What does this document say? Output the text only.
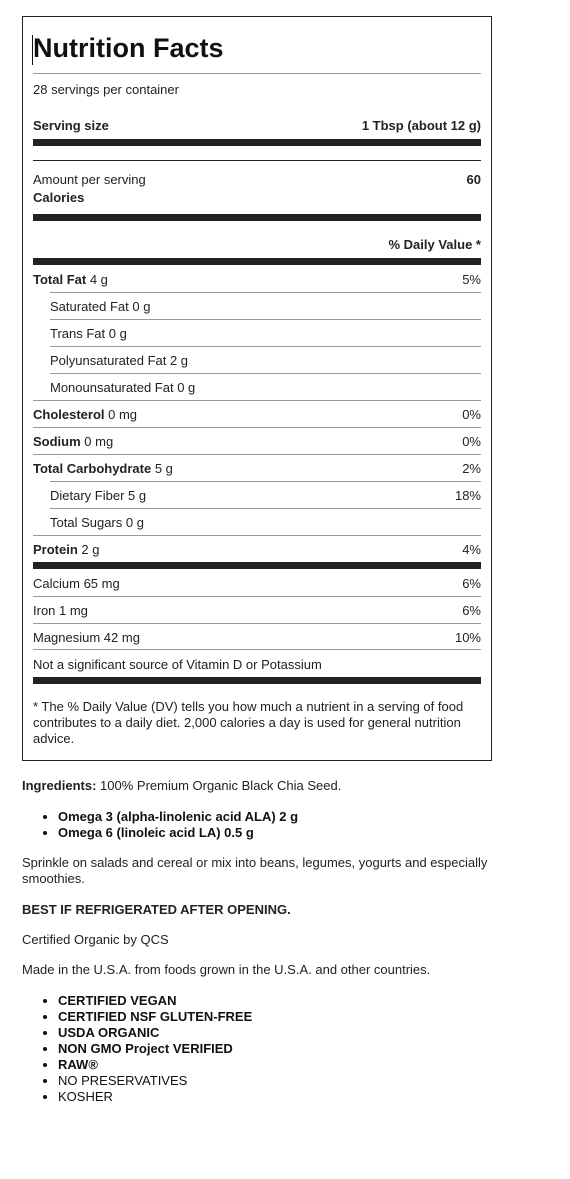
Nutrition Facts
28 servings per container
Serving size	1 Tbsp (about 12 g)
Amount per serving	60
Calories
% Daily Value *
Total Fat 4 g	5%
Saturated Fat 0 g
Trans Fat 0 g
Polyunsaturated Fat 2 g
Monounsaturated Fat 0 g
Cholesterol 0 mg	0%
Sodium 0 mg	0%
Total Carbohydrate 5 g	2%
Dietary Fiber 5 g	18%
Total Sugars 0 g
Protein 2 g	4%
Calcium 65 mg	6%
Iron 1 mg	6%
Magnesium 42 mg	10%
Not a significant source of Vitamin D or Potassium
* The % Daily Value (DV) tells you how much a nutrient in a serving of food contributes to a daily diet. 2,000 calories a day is used for general nutrition advice.
Ingredients: 100% Premium Organic Black Chia Seed.
• Omega 3 (alpha-linolenic acid ALA) 2 g
• Omega 6 (linoleic acid LA) 0.5 g
Sprinkle on salads and cereal or mix into beans, legumes, yogurts and especially smoothies.
BEST IF REFRIGERATED AFTER OPENING.
Certified Organic by QCS
Made in the U.S.A. from foods grown in the U.S.A. and other countries.
• CERTIFIED VEGAN
• CERTIFIED NSF GLUTEN-FREE
• USDA ORGANIC
• NON GMO Project VERIFIED
• RAW®
• NO PRESERVATIVES
• KOSHER
